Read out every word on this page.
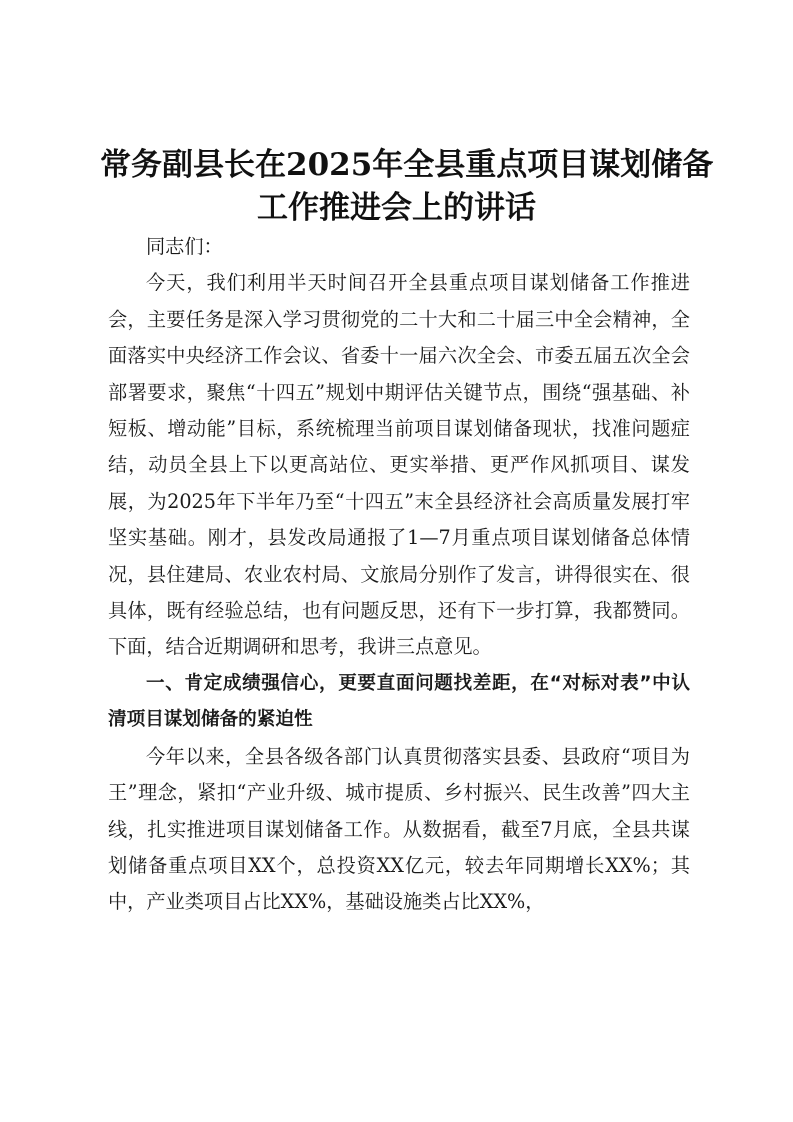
常务副县长在2025年全县重点项目谋划储备
工作推进会上的讲话

同志们：

今天，我们利用半天时间召开全县重点项目谋划储备工作推进会，主要任务是深入学习贯彻党的二十大和二十届三中全会精神，全面落实中央经济工作会议、省委十一届六次全会、市委五届五次全会部署要求，聚焦“十四五”规划中期评估关键节点，围绕“强基础、补短板、增动能”目标，系统梳理当前项目谋划储备现状，找准问题症结，动员全县上下以更高站位、更实举措、更严作风抓项目、谋发展，为2025年下半年乃至“十四五”末全县经济社会高质量发展打牢坚实基础。刚才，县发改局通报了1—7月重点项目谋划储备总体情况，县住建局、农业农村局、文旅局分别作了发言，讲得很实在、很具体，既有经验总结，也有问题反思，还有下一步打算，我都赞同。下面，结合近期调研和思考，我讲三点意见。

一、肯定成绩强信心，更要直面问题找差距，在“对标对表”中认清项目谋划储备的紧迫性

今年以来，全县各级各部门认真贯彻落实县委、县政府“项目为王”理念，紧扣“产业升级、城市提质、乡村振兴、民生改善”四大主线，扎实推进项目谋划储备工作。从数据看，截至7月底，全县共谋划储备重点项目XX个，总投资XX亿元，较去年同期增长XX%；其中，产业类项目占比XX%，基础设施类占比XX%，
